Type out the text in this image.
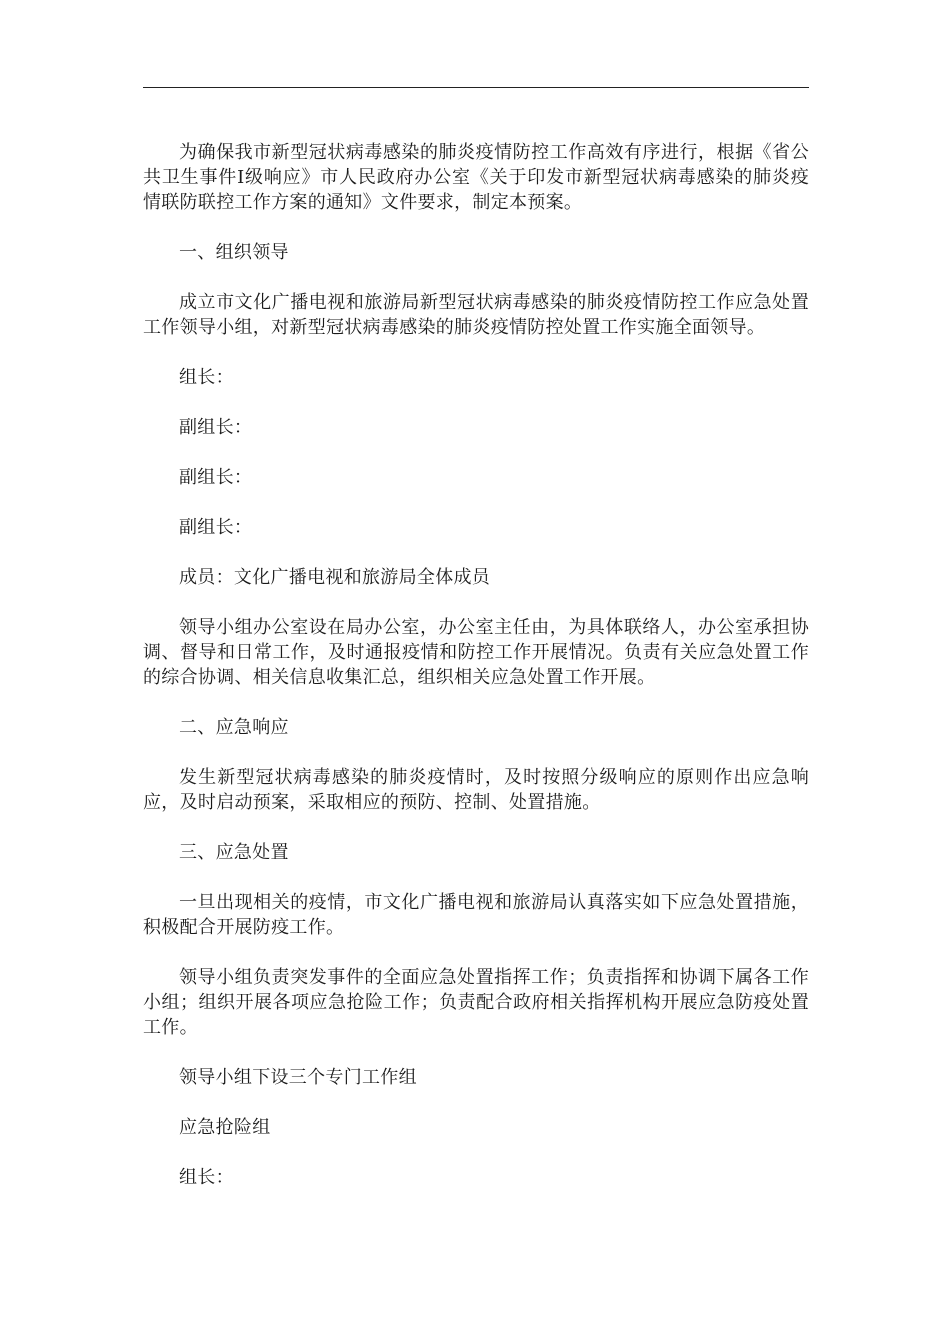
为确保我市新型冠状病毒感染的肺炎疫情防控工作高效有序进行，根据《省公共卫生事件Ⅰ级响应》市人民政府办公室《关于印发市新型冠状病毒感染的肺炎疫情联防联控工作方案的通知》文件要求，制定本预案。

一、组织领导

成立市文化广播电视和旅游局新型冠状病毒感染的肺炎疫情防控工作应急处置工作领导小组，对新型冠状病毒感染的肺炎疫情防控处置工作实施全面领导。

组长：

副组长：

副组长：

副组长：

成员：文化广播电视和旅游局全体成员

领导小组办公室设在局办公室，办公室主任由，为具体联络人，办公室承担协调、督导和日常工作，及时通报疫情和防控工作开展情况。负责有关应急处置工作的综合协调、相关信息收集汇总，组织相关应急处置工作开展。

二、应急响应

发生新型冠状病毒感染的肺炎疫情时，及时按照分级响应的原则作出应急响应，及时启动预案，采取相应的预防、控制、处置措施。

三、应急处置

一旦出现相关的疫情，市文化广播电视和旅游局认真落实如下应急处置措施，积极配合开展防疫工作。

领导小组负责突发事件的全面应急处置指挥工作；负责指挥和协调下属各工作小组；组织开展各项应急抢险工作；负责配合政府相关指挥机构开展应急防疫处置工作。

领导小组下设三个专门工作组

应急抢险组

组长：
